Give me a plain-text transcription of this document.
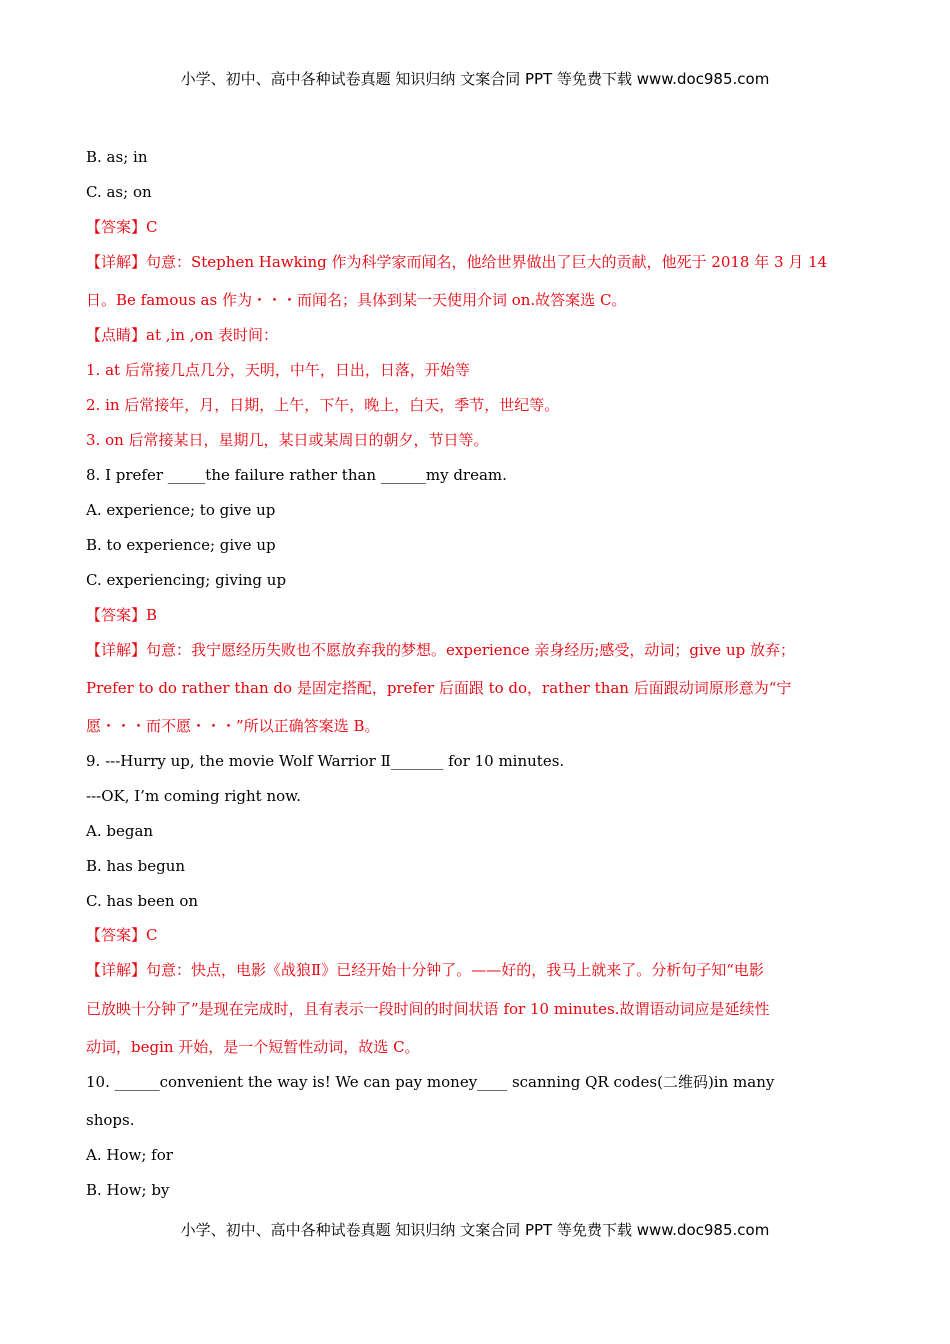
小学、初中、高中各种试卷真题 知识归纳 文案合同 PPT 等免费下载 www.doc985.com
B. as; in
C. as; on
【答案】C
【详解】句意：Stephen Hawking 作为科学家而闻名，他给世界做出了巨大的贡献，他死于 2018 年 3 月 14
日。Be famous as 作为・・・而闻名；具体到某一天使用介词 on.故答案选 C。
【点睛】at ,in ,on 表时间：
1. at 后常接几点几分，天明，中午，日出，日落，开始等
2. in 后常接年，月，日期，上午，下午，晚上，白天，季节，世纪等。
3. on 后常接某日，星期几，某日或某周日的朝夕，节日等。
8. I prefer _____the failure rather than ______my dream.
A. experience; to give up
B. to experience; give up
C. experiencing; giving up
【答案】B
【详解】句意：我宁愿经历失败也不愿放弃我的梦想。experience 亲身经历;感受，动词；give up 放弃；
Prefer to do rather than do 是固定搭配，prefer 后面跟 to do，rather than 后面跟动词原形意为“宁
愿・・・而不愿・・・”所以正确答案选 B。
9. ---Hurry up, the movie Wolf Warrior Ⅱ_______ for 10 minutes.
---OK, I’m coming right now.
A. began
B. has begun
C. has been on
【答案】C
【详解】句意：快点，电影《战狼Ⅱ》已经开始十分钟了。——好的，我马上就来了。分析句子知“电影
已放映十分钟了”是现在完成时，且有表示一段时间的时间状语 for 10 minutes.故谓语动词应是延续性
动词，begin 开始，是一个短暂性动词，故选 C。
10. ______convenient the way is! We can pay money____ scanning QR codes(二维码)in many
shops.
A. How; for
B. How; by
小学、初中、高中各种试卷真题 知识归纳 文案合同 PPT 等免费下载 www.doc985.com
